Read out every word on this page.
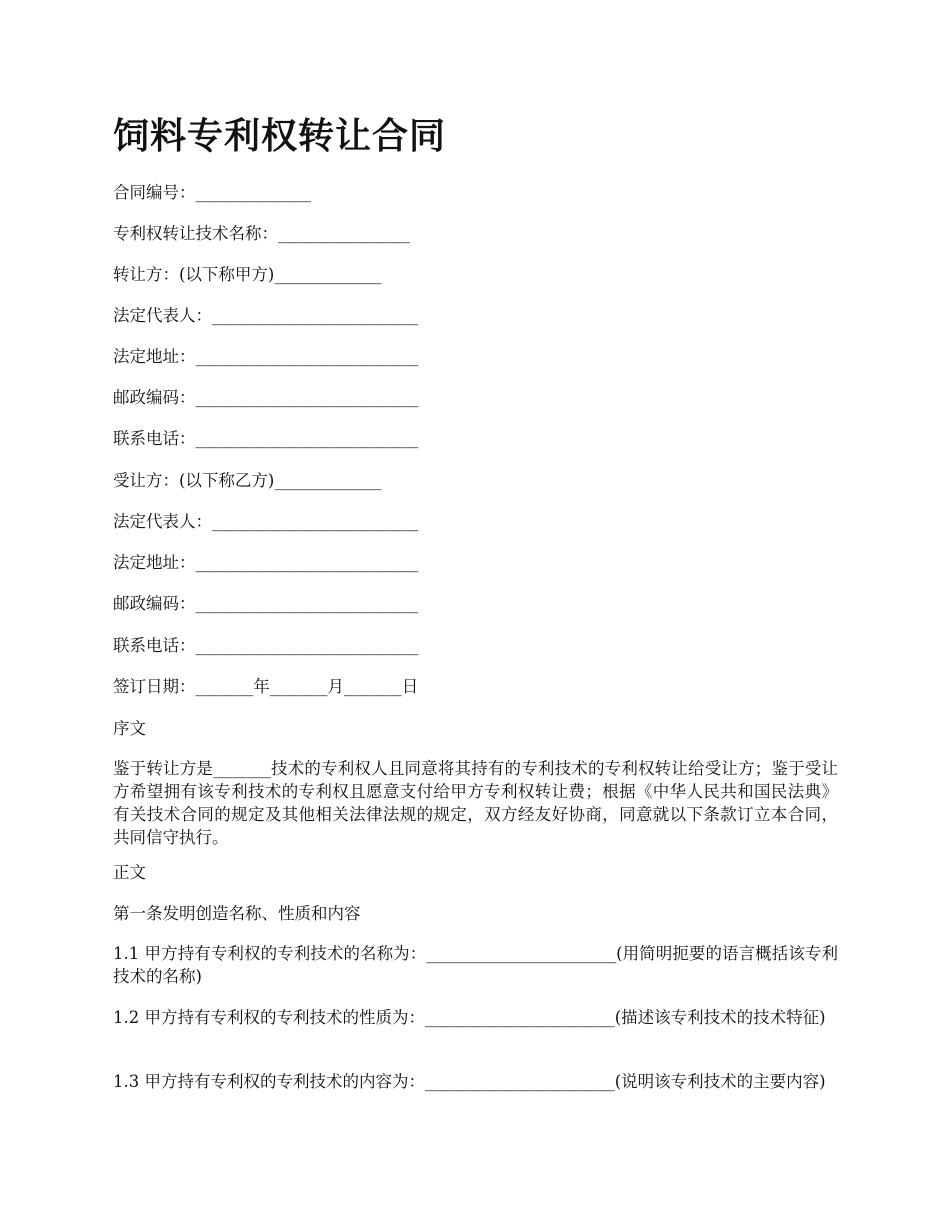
饲料专利权转让合同
合同编号：______________
专利权转让技术名称：________________
转让方：(以下称甲方)_____________
法定代表人：_________________________
法定地址：___________________________
邮政编码：___________________________
联系电话：___________________________
受让方：(以下称乙方)_____________
法定代表人：_________________________
法定地址：___________________________
邮政编码：___________________________
联系电话：___________________________
签订日期：_______年_______月_______日
序文
鉴于转让方是_______技术的专利权人且同意将其持有的专利技术的专利权转让给受让方；鉴于受让方希望拥有该专利技术的专利权且愿意支付给甲方专利权转让费；根据《中华人民共和国民法典》有关技术合同的规定及其他相关法律法规的规定，双方经友好协商，同意就以下条款订立本合同，共同信守执行。
正文
第一条发明创造名称、性质和内容
1.1 甲方持有专利权的专利技术的名称为：_______________________(用简明扼要的语言概括该专利技术的名称)
1.2 甲方持有专利权的专利技术的性质为：_______________________(描述该专利技术的技术特征)
1.3 甲方持有专利权的专利技术的内容为：_______________________(说明该专利技术的主要内容)
